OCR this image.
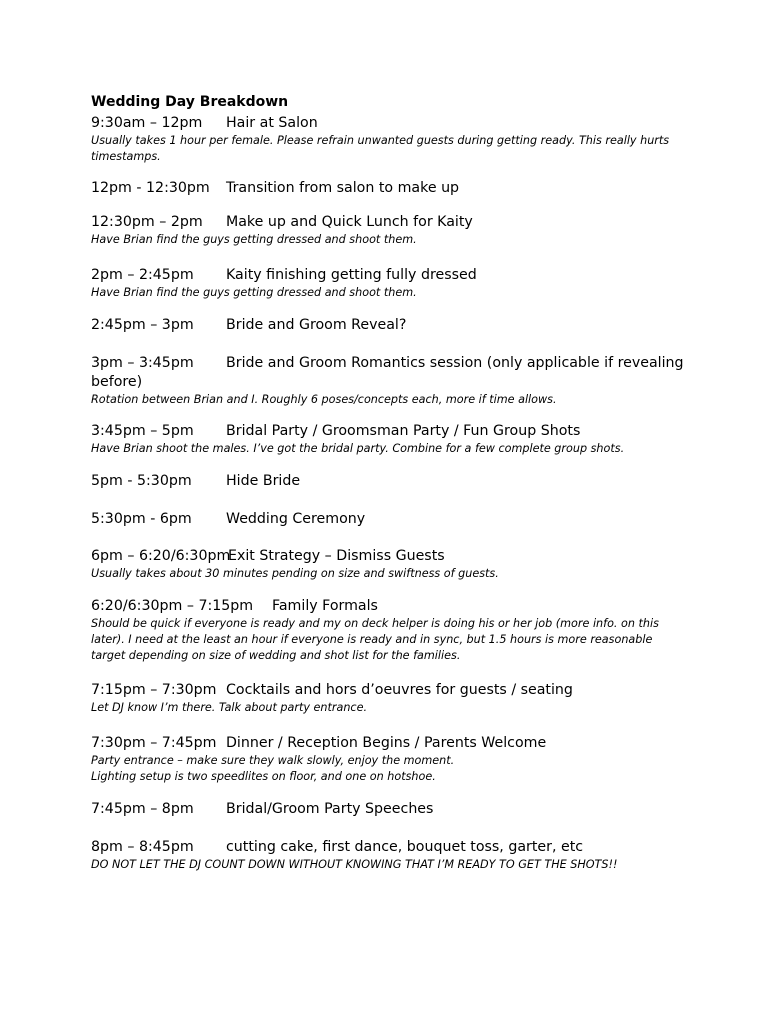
Wedding Day Breakdown
9:30am – 12pm Hair at Salon
Usually takes 1 hour per female. Please refrain unwanted guests during getting ready. This really hurts
timestamps.
12pm - 12:30pm Transition from salon to make up
12:30pm – 2pm Make up and Quick Lunch for Kaity
Have Brian find the guys getting dressed and shoot them.
2pm – 2:45pm Kaity finishing getting fully dressed
Have Brian find the guys getting dressed and shoot them.
2:45pm – 3pm Bride and Groom Reveal?
3pm – 3:45pm Bride and Groom Romantics session (only applicable if revealing
before)
Rotation between Brian and I. Roughly 6 poses/concepts each, more if time allows.
3:45pm – 5pm Bridal Party / Groomsman Party / Fun Group Shots
Have Brian shoot the males. I’ve got the bridal party. Combine for a few complete group shots.
5pm - 5:30pm Hide Bride
5:30pm - 6pm Wedding Ceremony
6pm – 6:20/6:30pm
Exit Strategy – Dismiss Guests
Usually takes about 30 minutes pending on size and swiftness of guests.
6:20/6:30pm – 7:15pm Family Formals
Should be quick if everyone is ready and my on deck helper is doing his or her job (more info. on this
later). I need at the least an hour if everyone is ready and in sync, but 1.5 hours is more reasonable
target depending on size of wedding and shot list for the families.
7:15pm – 7:30pm Cocktails and hors d’oeuvres for guests / seating
Let DJ know I’m there. Talk about party entrance.
7:30pm – 7:45pm Dinner / Reception Begins / Parents Welcome
Party entrance – make sure they walk slowly, enjoy the moment.
Lighting setup is two speedlites on floor, and one on hotshoe.
7:45pm – 8pm Bridal/Groom Party Speeches
8pm – 8:45pm cutting cake, first dance, bouquet toss, garter, etc
DO NOT LET THE DJ COUNT DOWN WITHOUT KNOWING THAT I’M READY TO GET THE SHOTS!!
